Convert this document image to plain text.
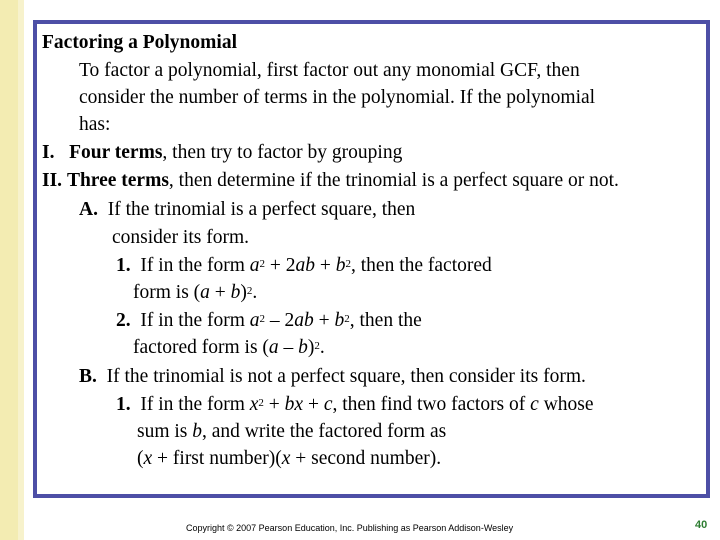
Factoring a Polynomial
To factor a polynomial, first factor out any monomial GCF, then
consider the number of terms in the polynomial. If the polynomial
has:
I. Four terms, then try to factor by grouping
II. Three terms, then determine if the trinomial is a perfect square or not.
A. If the trinomial is a perfect square, then
consider its form.
1. If in the form $a^2 + 2ab + b^2$, then the factored
form is $(a + b)^2$.
2. If in the form $a^2 - 2ab + b^2$, then the
factored form is (a – b)$^2$.
B. If the trinomial is not a perfect square, then consider its form.
1. If in the form $x^2$ + bx + c, then find two factors of c whose
sum is b, and write the factored form as
(x + first number)(x + second number).
Copyright © 2007 Pearson Education, Inc. Publishing as Pearson Addison-Wesley	40
